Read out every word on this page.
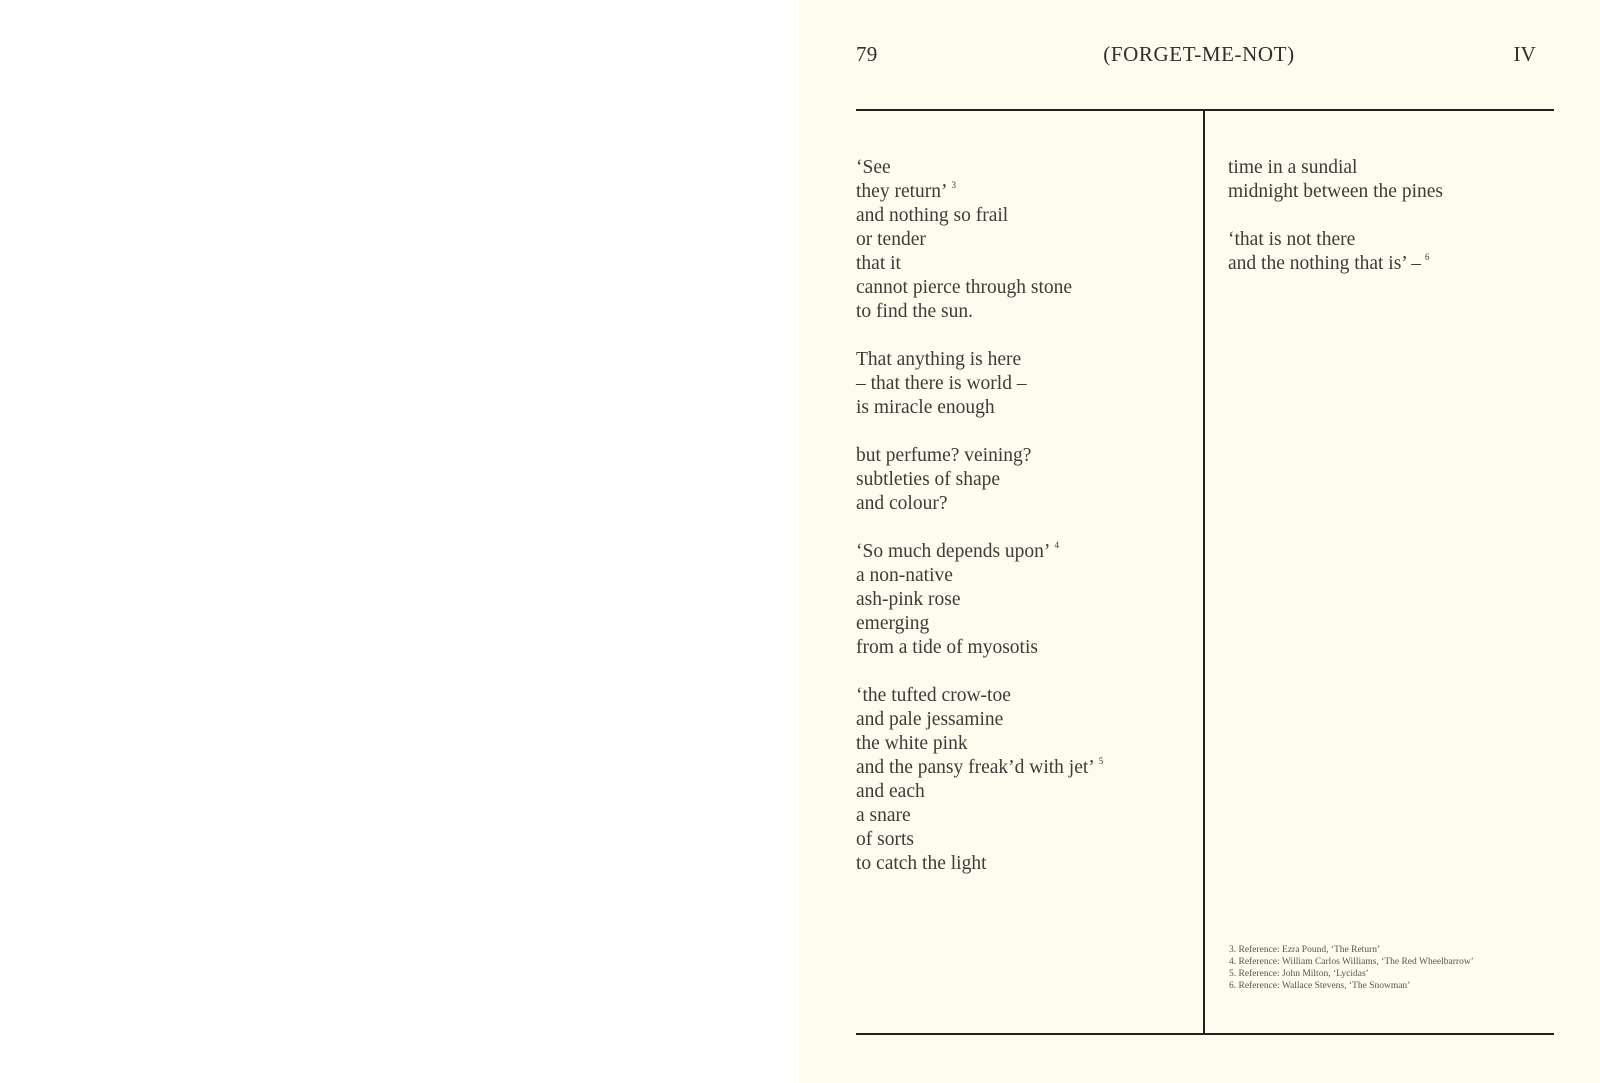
79	(FORGET-ME-NOT)	IV
‘See
they return’ $^3$
and nothing so frail
or tender
that it
cannot pierce through stone
to find the sun.
That anything is here
– that there is world –
is miracle enough
but perfume? veining?
subtleties of shape
and colour?
‘So much depends upon’ $^4$
a non-native
ash-pink rose
emerging
from a tide of myosotis
‘the tufted crow-toe
and pale jessamine
the white pink
and the pansy freak’d with jet’ $^5$
and each
a snare
of sorts
to catch the light
time in a sundial
midnight between the pines
‘that is not there
and the nothing that is’ – $^6$
3. Reference: Ezra Pound, ‘The Return’
4. Reference: William Carlos Williams, ‘The Red Wheelbarrow’
5. Reference: John Milton, ‘Lycidas’
6. Reference: Wallace Stevens, ‘The Snowman’
